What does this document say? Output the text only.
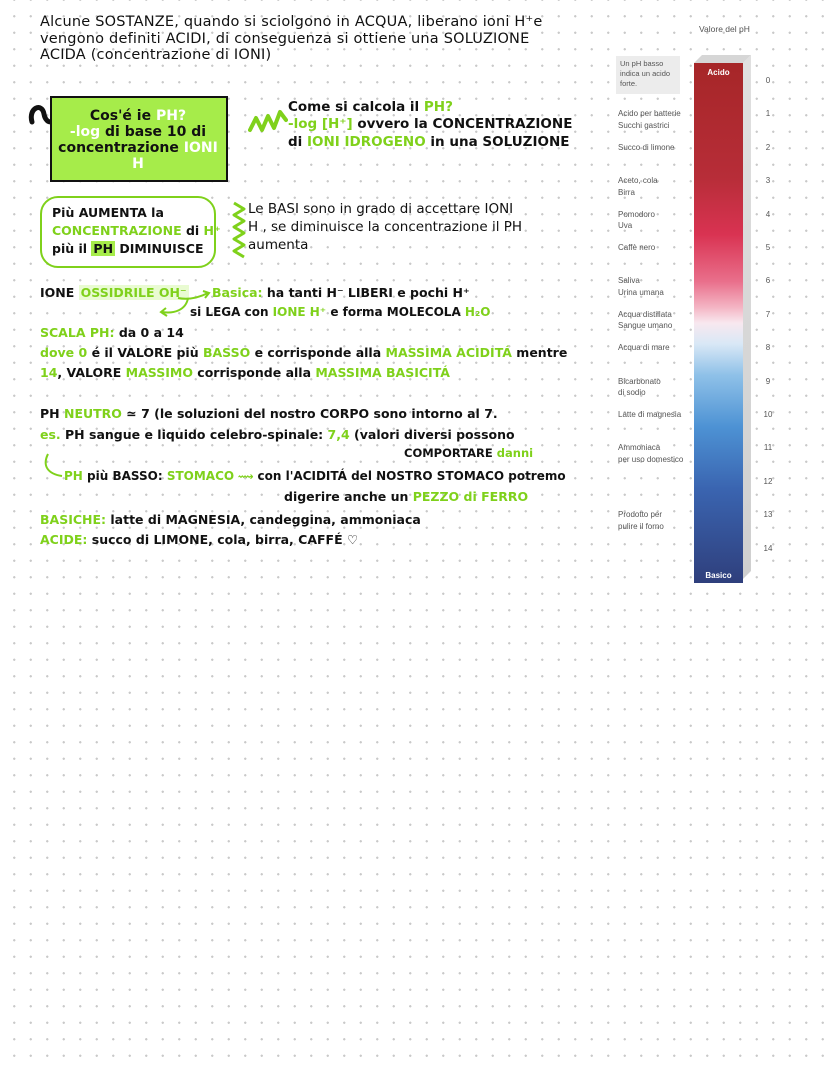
Alcune SOSTANZE, quando si sciolgono in ACQUA, liberano ioni H⁺e
vengono definiti ACIDI, di conseguenza si ottiene una SOLUZIONE
ACIDA (concentrazione di IONI)
Cos'é ie PH?
-log di base 10 di
concentrazione IONI H
Come si calcola il PH?
-log [H⁺] ovvero la CONCENTRAZIONE
di IONI IDROGENO in una SOLUZIONE
Più AUMENTA la
CONCENTRAZIONE di H⁺
più il PH DIMINUISCE
Le BASI sono in grado di accettare IONI
H , se diminuisce la concentrazione il PH
aumenta
IONE OSSIDRILE OH⁻ Basica: ha tanti H⁻ LIBERI e pochi H⁺
si LEGA con IONE H⁺ e forma MOLECOLA H₂O
SCALA PH: da 0 a 14
dove 0 é il VALORE più BASSO e corrisponde alla MASSIMA ACIDITÁ mentre
14, VALORE MASSIMO corrisponde alla MASSIMA BASICITÁ
PH NEUTRO ≃ 7 (le soluzioni del nostro CORPO sono intorno al 7.
es. PH sangue e liquido celebro-spinale: 7,4 (valori diversi possono
COMPORTARE danni
PH più BASSO: STOMACO ⟿ con l'ACIDITÁ del NOSTRO STOMACO potremo
digerire anche un PEZZO di FERRO
BASICHE: latte di MAGNESIA, candeggina, ammoniaca
ACIDE: succo di LIMONE, cola, birra, CAFFÉ ♡
Valore del pH
Un pH basso indica un acido forte.
Acido
Basico
0
1
2
3
4
5
6
7
8
9
10
11
12
13
14
Acido per batterie
Succhi gastrici
Succo di limone
Aceto, cola
Birra
Pomodoro
Uva
Caffè nero
Saliva
Urina umana
Acqua distillata
Sangue umano
Acqua di mare
Bicarbonato
di sodio
Latte di magnesia
Ammoniaca
per uso domestico
Prodotto per
pulire il forno
